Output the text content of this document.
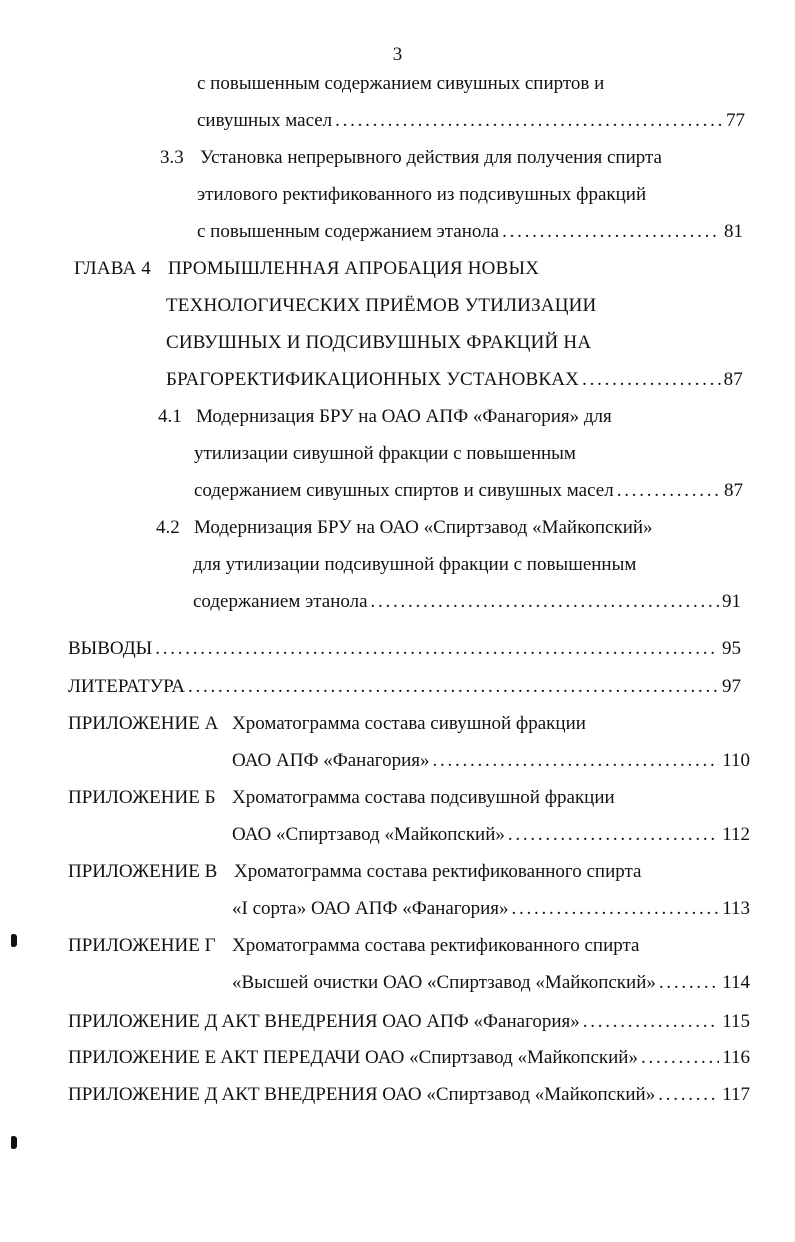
3
с повышенным содержанием сивушных спиртов и
сивушных масел . . .	77
3.3 Установка непрерывного действия для получения спирта
этилового ректификованного из подсивушных фракций
с повышенным содержанием этанола . . .	81
ГЛАВА 4 ПРОМЫШЛЕННАЯ АПРОБАЦИЯ НОВЫХ
ТЕХНОЛОГИЧЕСКИХ ПРИЁМОВ УТИЛИЗАЦИИ
СИВУШНЫХ И ПОДСИВУШНЫХ ФРАКЦИЙ НА
БРАГОРЕКТИФИКАЦИОННЫХ УСТАНОВКАХ . . .	87
4.1 Модернизация БРУ на ОАО АПФ «Фанагория» для
утилизации сивушной фракции с повышенным
содержанием сивушных спиртов и сивушных масел . . .	87
4.2 Модернизация БРУ на ОАО «Спиртзавод «Майкопский»
для утилизации подсивушной фракции с повышенным
содержанием этанола . . .	91
ВЫВОДЫ . . .	95
ЛИТЕРАТУРА . . .	97
ПРИЛОЖЕНИЕ А Хроматограмма состава сивушной фракции
ОАО АПФ «Фанагория» . . .	110
ПРИЛОЖЕНИЕ Б Хроматограмма состава подсивушной фракции
ОАО «Спиртзавод «Майкопский» . . .	112
ПРИЛОЖЕНИЕ В Хроматограмма состава ректификованного спирта
«I сорта» ОАО АПФ «Фанагория» . . .	113
ПРИЛОЖЕНИЕ Г Хроматограмма состава ректификованного спирта
«Высшей очистки ОАО «Спиртзавод «Майкопский» . . .	114
ПРИЛОЖЕНИЕ Д АКТ ВНЕДРЕНИЯ ОАО АПФ «Фанагория» . . .	115
ПРИЛОЖЕНИЕ Е АКТ ПЕРЕДАЧИ ОАО «Спиртзавод «Майкопский» . . .	116
ПРИЛОЖЕНИЕ Д АКТ ВНЕДРЕНИЯ ОАО «Спиртзавод «Майкопский» . . .	117
